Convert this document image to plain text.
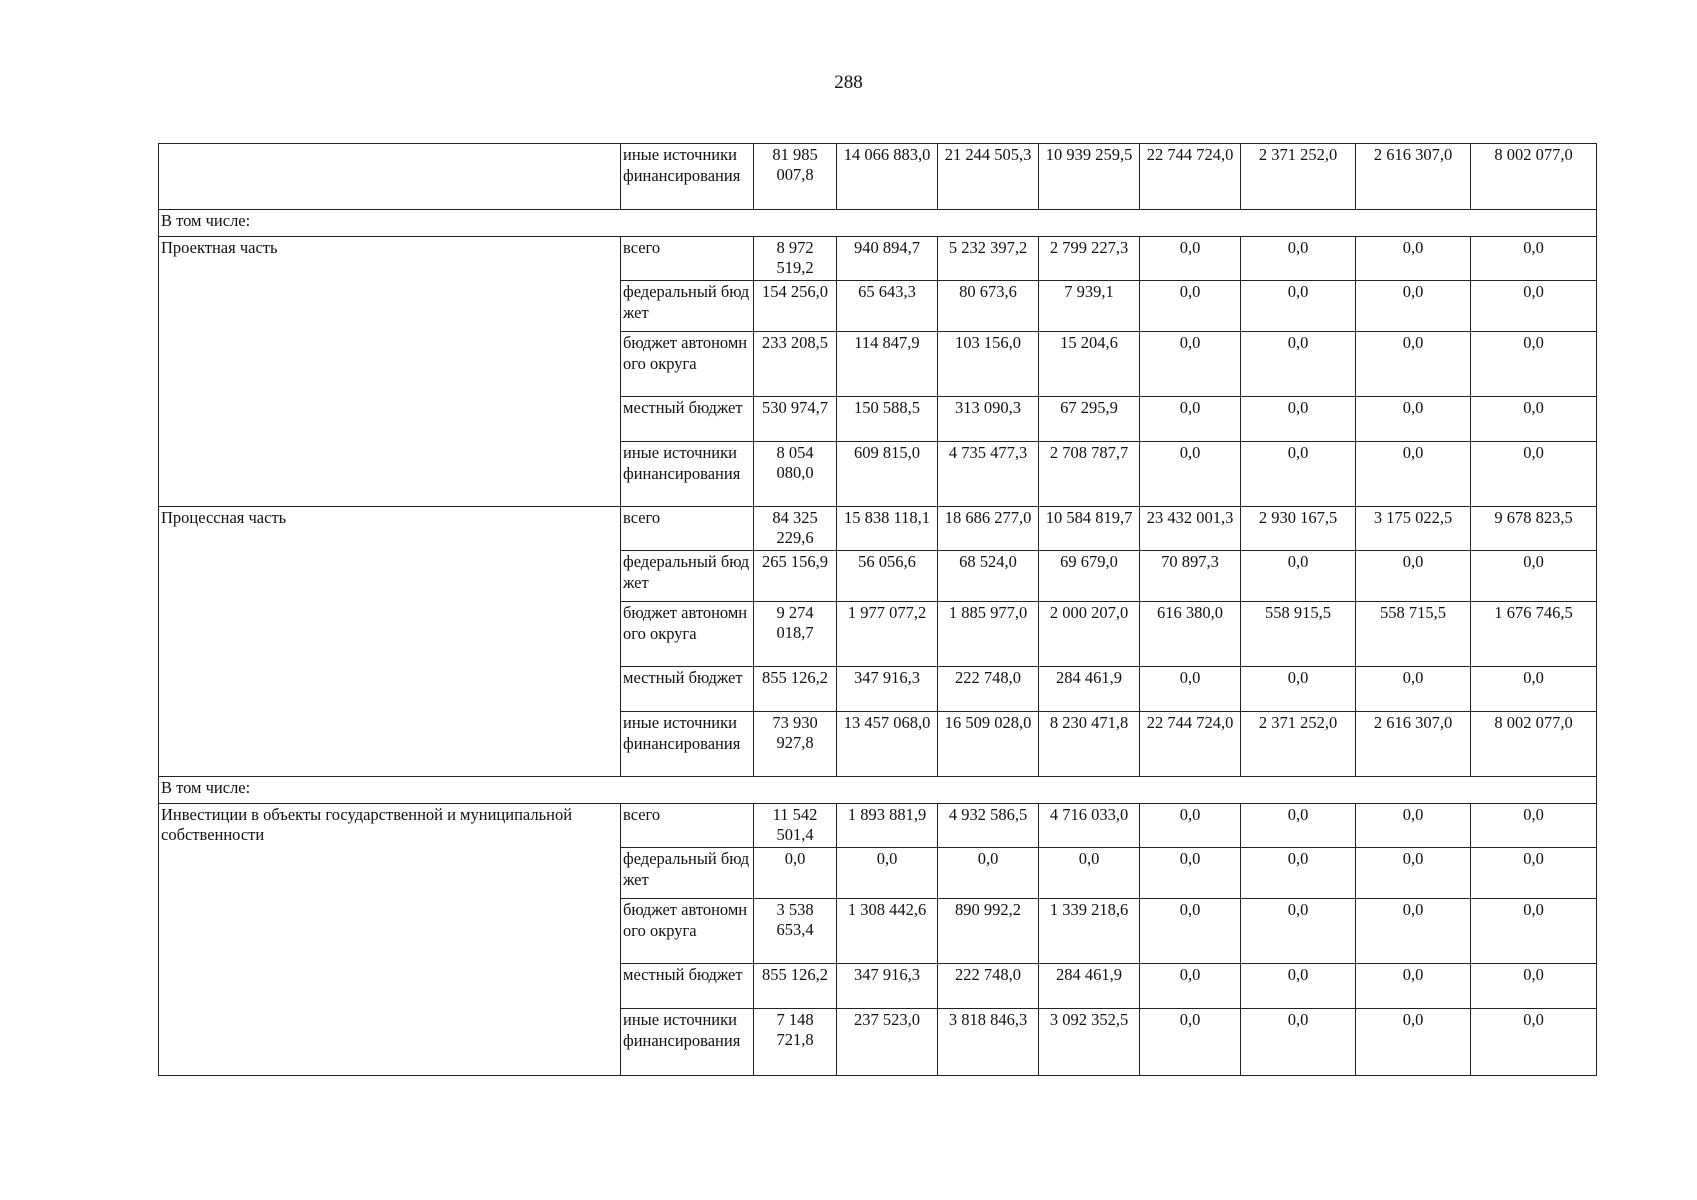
288
	иные источники финансирования	81 985 007,8	14 066 883,0	21 244 505,3	10 939 259,5	22 744 724,0	2 371 252,0	2 616 307,0	8 002 077,0
В том числе:									
Проектная часть	всего	8 972 519,2	940 894,7	5 232 397,2	2 799 227,3	0,0	0,0	0,0	0,0
	федеральный бюджет	154 256,0	65 643,3	80 673,6	7 939,1	0,0	0,0	0,0	0,0
	бюджет автономного округа	233 208,5	114 847,9	103 156,0	15 204,6	0,0	0,0	0,0	0,0
	местный бюджет	530 974,7	150 588,5	313 090,3	67 295,9	0,0	0,0	0,0	0,0
	иные источники финансирования	8 054 080,0	609 815,0	4 735 477,3	2 708 787,7	0,0	0,0	0,0	0,0
Процессная часть	всего	84 325 229,6	15 838 118,1	18 686 277,0	10 584 819,7	23 432 001,3	2 930 167,5	3 175 022,5	9 678 823,5
	федеральный бюджет	265 156,9	56 056,6	68 524,0	69 679,0	70 897,3	0,0	0,0	0,0
	бюджет автономного округа	9 274 018,7	1 977 077,2	1 885 977,0	2 000 207,0	616 380,0	558 915,5	558 715,5	1 676 746,5
	местный бюджет	855 126,2	347 916,3	222 748,0	284 461,9	0,0	0,0	0,0	0,0
	иные источники финансирования	73 930 927,8	13 457 068,0	16 509 028,0	8 230 471,8	22 744 724,0	2 371 252,0	2 616 307,0	8 002 077,0
В том числе:									
Инвестиции в объекты государственной и муниципальной собственности	всего	11 542 501,4	1 893 881,9	4 932 586,5	4 716 033,0	0,0	0,0	0,0	0,0
	федеральный бюджет	0,0	0,0	0,0	0,0	0,0	0,0	0,0	0,0
	бюджет автономного округа	3 538 653,4	1 308 442,6	890 992,2	1 339 218,6	0,0	0,0	0,0	0,0
	местный бюджет	855 126,2	347 916,3	222 748,0	284 461,9	0,0	0,0	0,0	0,0
	иные источники финансирования	7 148 721,8	237 523,0	3 818 846,3	3 092 352,5	0,0	0,0	0,0	0,0
